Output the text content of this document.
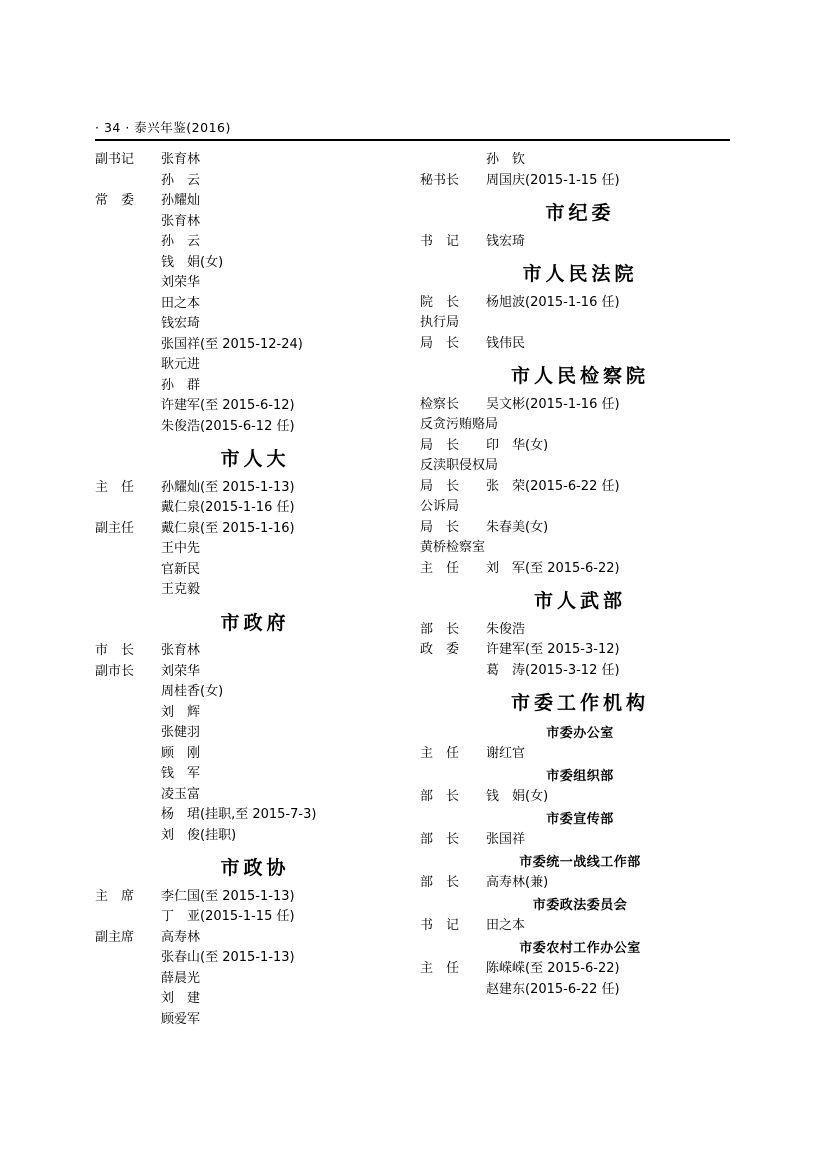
· 34 · 泰兴年鉴(2016)
副书记	张育林
孙　云
常　委	孙耀灿
张育林
孙　云
钱　娟(女)
刘荣华
田之本
钱宏琦
张国祥(至 2015-12-24)
耿元进
孙　群
许建军(至 2015-6-12)
朱俊浩(2015-6-12 任)
市人大
主　任	孙耀灿(至 2015-1-13)
戴仁泉(2015-1-16 任)
副主任	戴仁泉(至 2015-1-16)
王中先
官新民
王克毅
市政府
市　长	张育林
副市长	刘荣华
周桂香(女)
刘　辉
张健羽
顾　刚
钱　军
凌玉富
杨　珺(挂职,至 2015-7-3)
刘　俊(挂职)
市政协
主　席	李仁国(至 2015-1-13)
丁　亚(2015-1-15 任)
副主席	高寿林
张春山(至 2015-1-13)
薛晨光
刘　建
顾爱军
孙　钦
秘书长	周国庆(2015-1-15 任)
市纪委
书　记	钱宏琦
市人民法院
院　长	杨旭波(2015-1-16 任)
执行局
局　长	钱伟民
市人民检察院
检察长	吴文彬(2015-1-16 任)
反贪污贿赂局
局　长	印　华(女)
反渎职侵权局
局　长	张　荣(2015-6-22 任)
公诉局
局　长	朱春美(女)
黄桥检察室
主　任	刘　军(至 2015-6-22)
市人武部
部　长	朱俊浩
政　委	许建军(至 2015-3-12)
葛　涛(2015-3-12 任)
市委工作机构
市委办公室
主　任	谢红官
市委组织部
部　长	钱　娟(女)
市委宣传部
部　长	张国祥
市委统一战线工作部
部　长	高寿林(兼)
市委政法委员会
书　记	田之本
市委农村工作办公室
主　任	陈嵘嵘(至 2015-6-22)
赵建东(2015-6-22 任)
